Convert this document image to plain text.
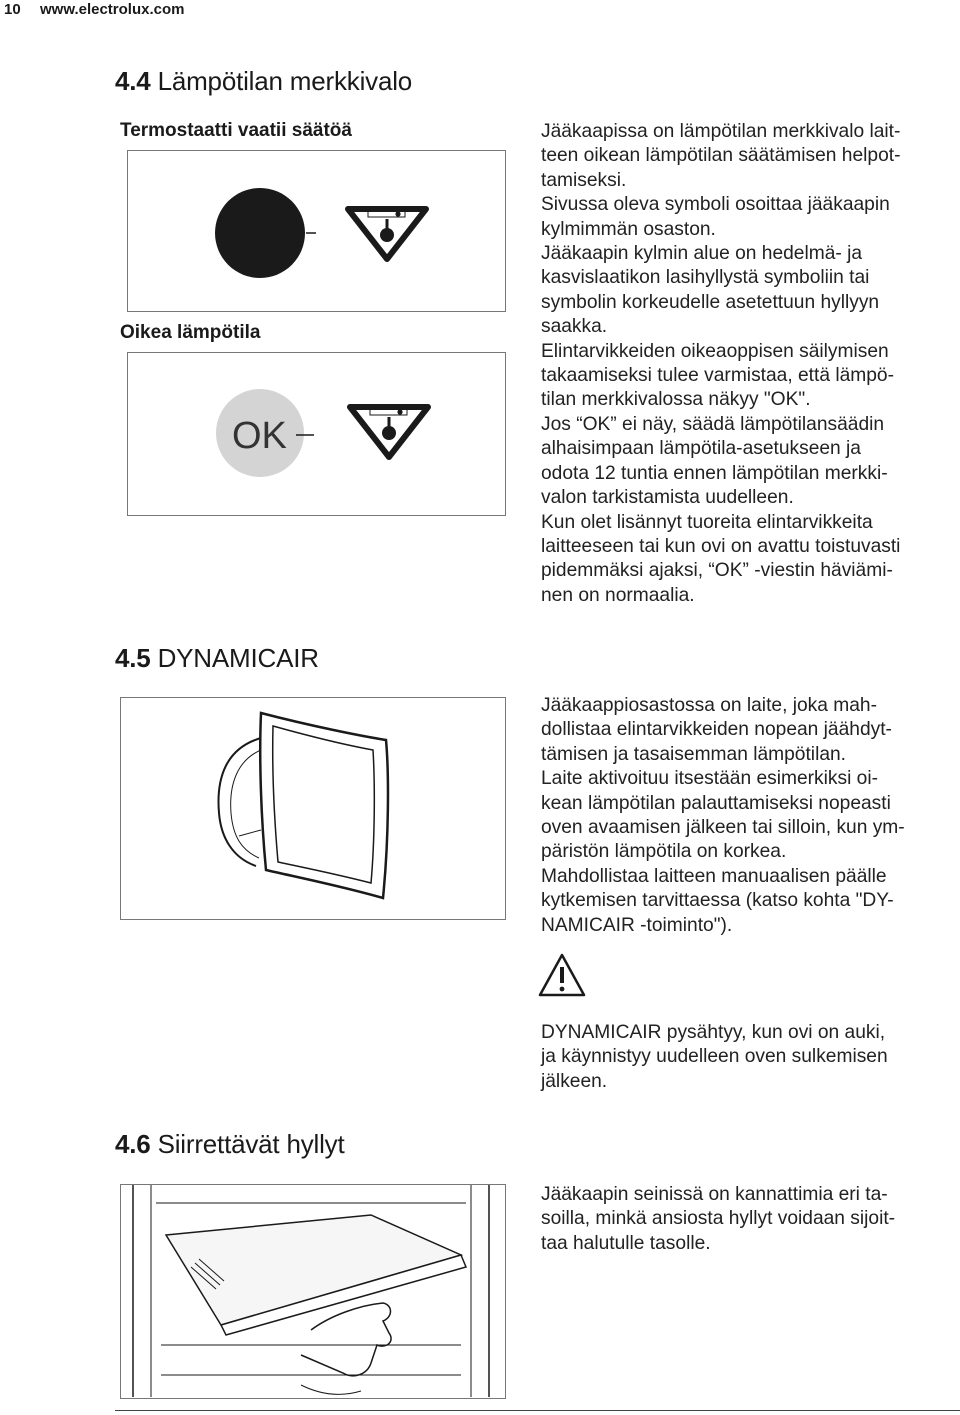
10	www.electrolux.com
4.4 Lämpötilan merkkivalo
Termostaatti vaatii säätöä
Oikea lämpötila
OK
Jääkaapissa on lämpötilan merkkivalo lait-
teen oikean lämpötilan säätämisen helpot-
tamiseksi.
Sivussa oleva symboli osoittaa jääkaapin
kylmimmän osaston.
Jääkaapin kylmin alue on hedelmä- ja
kasvislaatikon lasihyllystä symboliin tai
symbolin korkeudelle asetettuun hyllyyn
saakka.
Elintarvikkeiden oikeaoppisen säilymisen
takaamiseksi tulee varmistaa, että lämpö-
tilan merkkivalossa näkyy "OK".
Jos “OK” ei näy, säädä lämpötilansäädin
alhaisimpaan lämpötila-asetukseen ja
odota 12 tuntia ennen lämpötilan merkki-
valon tarkistamista uudelleen.
Kun olet lisännyt tuoreita elintarvikkeita
laitteeseen tai kun ovi on avattu toistuvasti
pidemmäksi ajaksi, “OK” -viestin häviämi-
nen on normaalia.
4.5 DYNAMICAIR
Jääkaappiosastossa on laite, joka mah-
dollistaa elintarvikkeiden nopean jäähdyt-
tämisen ja tasaisemman lämpötilan.
Laite aktivoituu itsestään esimerkiksi oi-
kean lämpötilan palauttamiseksi nopeasti
oven avaamisen jälkeen tai silloin, kun ym-
päristön lämpötila on korkea.
Mahdollistaa laitteen manuaalisen päälle
kytkemisen tarvittaessa (katso kohta "DY-
NAMICAIR -toiminto").
DYNAMICAIR pysähtyy, kun ovi on auki,
ja käynnistyy uudelleen oven sulkemisen
jälkeen.
4.6 Siirrettävät hyllyt
Jääkaapin seinissä on kannattimia eri ta-
soilla, minkä ansiosta hyllyt voidaan sijoit-
taa halutulle tasolle.
